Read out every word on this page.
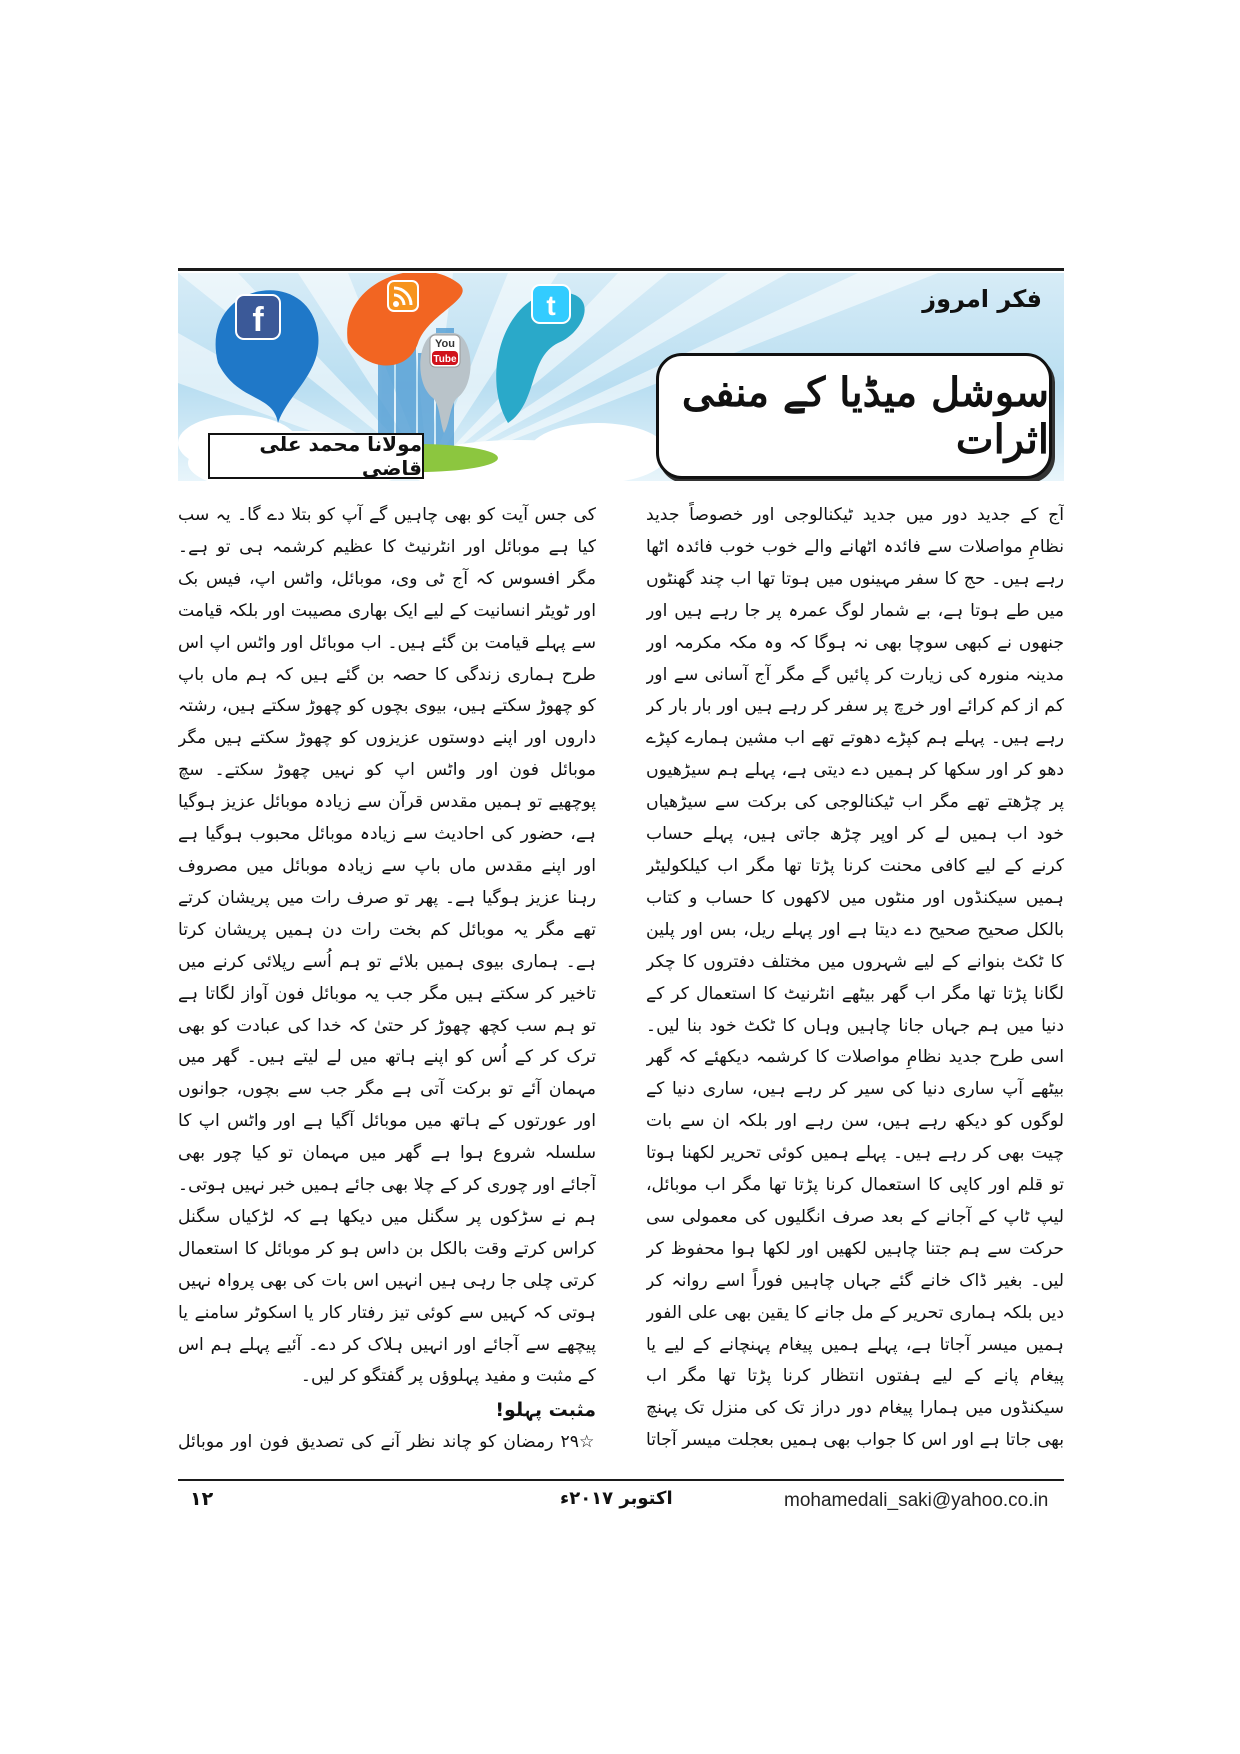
f
You
Tube
t	فکر امروز
سوشل میڈیا کے منفی اثرات
مولانا محمد علی قاضی

آج کے جدید دور میں جدید ٹیکنالوجی اور خصوصاً جدید نظامِ مواصلات سے فائدہ اٹھانے والے خوب خوب فائدہ اٹھا رہے ہیں۔ حج کا سفر مہینوں میں ہوتا تھا اب چند گھنٹوں میں طے ہوتا ہے، بے شمار لوگ عمرہ پر جا رہے ہیں اور جنھوں نے کبھی سوچا بھی نہ ہوگا کہ وہ مکہ مکرمہ اور مدینہ منورہ کی زیارت کر پائیں گے مگر آج آسانی سے اور کم از کم کرائے اور خرچ پر سفر کر رہے ہیں اور بار بار کر رہے ہیں۔ پہلے ہم کپڑے دھوتے تھے اب مشین ہمارے کپڑے دھو کر اور سکھا کر ہمیں دے دیتی ہے، پہلے ہم سیڑھیوں پر چڑھتے تھے مگر اب ٹیکنالوجی کی برکت سے سیڑھیاں خود اب ہمیں لے کر اوپر چڑھ جاتی ہیں، پہلے حساب کرنے کے لیے کافی محنت کرنا پڑتا تھا مگر اب کیلکولیٹر ہمیں سیکنڈوں اور منٹوں میں لاکھوں کا حساب و کتاب بالکل صحیح صحیح دے دیتا ہے اور پہلے ریل، بس اور پلین کا ٹکٹ بنوانے کے لیے شہروں میں مختلف دفتروں کا چکر لگانا پڑتا تھا مگر اب گھر بیٹھے انٹرنیٹ کا استعمال کر کے دنیا میں ہم جہاں جانا چاہیں وہاں کا ٹکٹ خود بنا لیں۔ اسی طرح جدید نظامِ مواصلات کا کرشمہ دیکھئے کہ گھر بیٹھے آپ ساری دنیا کی سیر کر رہے ہیں، ساری دنیا کے لوگوں کو دیکھ رہے ہیں، سن رہے اور بلکہ ان سے بات چیت بھی کر رہے ہیں۔ پہلے ہمیں کوئی تحریر لکھنا ہوتا تو قلم اور کاپی کا استعمال کرنا پڑتا تھا مگر اب موبائل، لیپ ٹاپ کے آجانے کے بعد صرف انگلیوں کی معمولی سی حرکت سے ہم جتنا چاہیں لکھیں اور لکھا ہوا محفوظ کر لیں۔ بغیر ڈاک خانے گئے جہاں چاہیں فوراً اسے روانہ کر دیں بلکہ ہماری تحریر کے مل جانے کا یقین بھی علی الفور ہمیں میسر آجاتا ہے، پہلے ہمیں پیغام پہنچانے کے لیے یا پیغام پانے کے لیے ہفتوں انتظار کرنا پڑتا تھا مگر اب سیکنڈوں میں ہمارا پیغام دور دراز تک کی منزل تک پہنچ بھی جاتا ہے اور اس کا جواب بھی ہمیں بعجلت میسر آجاتا

کی جس آیت کو بھی چاہیں گے آپ کو بتلا دے گا۔ یہ سب کیا ہے موبائل اور انٹرنیٹ کا عظیم کرشمہ ہی تو ہے۔ مگر افسوس کہ آج ٹی وی، موبائل، واٹس اپ، فیس بک اور ٹویٹر انسانیت کے لیے ایک بھاری مصیبت اور بلکہ قیامت سے پہلے قیامت بن گئے ہیں۔ اب موبائل اور واٹس اپ اس طرح ہماری زندگی کا حصہ بن گئے ہیں کہ ہم ماں باپ کو چھوڑ سکتے ہیں، بیوی بچوں کو چھوڑ سکتے ہیں، رشتہ داروں اور اپنے دوستوں عزیزوں کو چھوڑ سکتے ہیں مگر موبائل فون اور واٹس اپ کو نہیں چھوڑ سکتے۔ سچ پوچھیے تو ہمیں مقدس قرآن سے زیادہ موبائل عزیز ہوگیا ہے، حضور کی احادیث سے زیادہ موبائل محبوب ہوگیا ہے اور اپنے مقدس ماں باپ سے زیادہ موبائل میں مصروف رہنا عزیز ہوگیا ہے۔ پھر تو صرف رات میں پریشان کرتے تھے مگر یہ موبائل کم بخت رات دن ہمیں پریشان کرتا ہے۔ ہماری بیوی ہمیں بلائے تو ہم اُسے رپلائی کرنے میں تاخیر کر سکتے ہیں مگر جب یہ موبائل فون آواز لگاتا ہے تو ہم سب کچھ چھوڑ کر حتیٰ کہ خدا کی عبادت کو بھی ترک کر کے اُس کو اپنے ہاتھ میں لے لیتے ہیں۔ گھر میں مہمان آئے تو برکت آتی ہے مگر جب سے بچوں، جوانوں اور عورتوں کے ہاتھ میں موبائل آگیا ہے اور واٹس اپ کا سلسلہ شروع ہوا ہے گھر میں مہمان تو کیا چور بھی آجائے اور چوری کر کے چلا بھی جائے ہمیں خبر نہیں ہوتی۔ ہم نے سڑکوں پر سگنل میں دیکھا ہے کہ لڑکیاں سگنل کراس کرتے وقت بالکل بن داس ہو کر موبائل کا استعمال کرتی چلی جا رہی ہیں انہیں اس بات کی بھی پرواہ نہیں ہوتی کہ کہیں سے کوئی تیز رفتار کار یا اسکوٹر سامنے یا پیچھے سے آجائے اور انہیں ہلاک کر دے۔ آئیے پہلے ہم اس کے مثبت و مفید پہلوؤں پر گفتگو کر لیں۔

مثبت پہلو!

☆۲۹ رمضان کو چاند نظر آنے کی تصدیق فون اور موبائل

mohamedali_saki@yahoo.co.in
اکتوبر ۲۰۱۷ء
۱۲
